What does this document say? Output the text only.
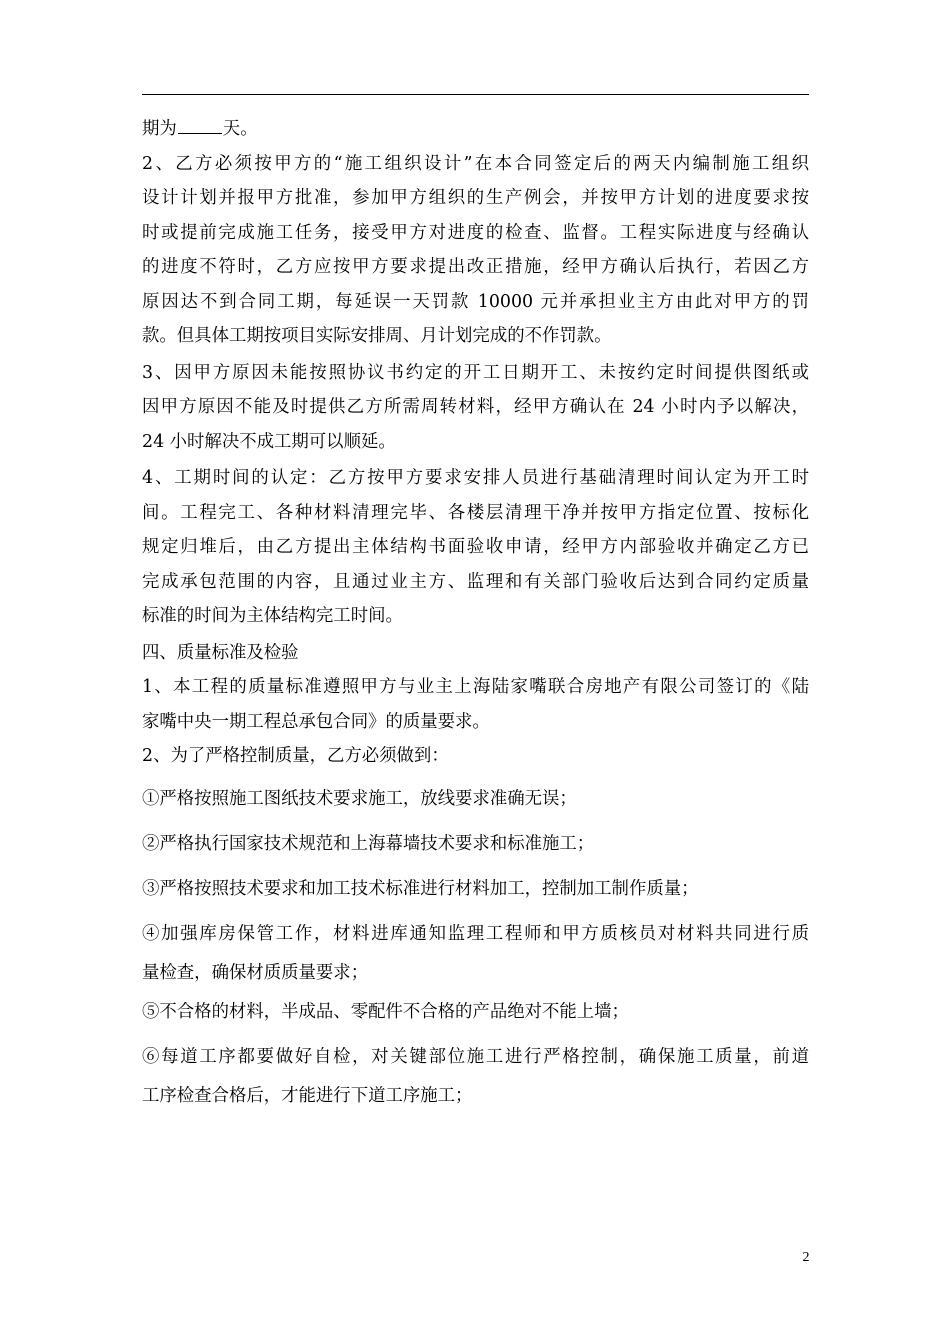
期为	天。
2、乙方必须按甲方的“施工组织设计”在本合同签定后的两天内编制施工组织
设计计划并报甲方批准，参加甲方组织的生产例会，并按甲方计划的进度要求按
时或提前完成施工任务，接受甲方对进度的检查、监督。工程实际进度与经确认
的进度不符时，乙方应按甲方要求提出改正措施，经甲方确认后执行，若因乙方
原因达不到合同工期，每延误一天罚款 10000 元并承担业主方由此对甲方的罚
款。但具体工期按项目实际安排周、月计划完成的不作罚款。
3、因甲方原因未能按照协议书约定的开工日期开工、未按约定时间提供图纸或
因甲方原因不能及时提供乙方所需周转材料，经甲方确认在 24 小时内予以解决，
24 小时解决不成工期可以顺延。
4、工期时间的认定：乙方按甲方要求安排人员进行基础清理时间认定为开工时
间。工程完工、各种材料清理完毕、各楼层清理干净并按甲方指定位置、按标化
规定归堆后，由乙方提出主体结构书面验收申请，经甲方内部验收并确定乙方已
完成承包范围的内容，且通过业主方、监理和有关部门验收后达到合同约定质量
标准的时间为主体结构完工时间。
四、质量标准及检验
1、本工程的质量标准遵照甲方与业主上海陆家嘴联合房地产有限公司签订的《陆
家嘴中央一期工程总承包合同》的质量要求。
2、为了严格控制质量，乙方必须做到：
①严格按照施工图纸技术要求施工，放线要求准确无误；
②严格执行国家技术规范和上海幕墙技术要求和标准施工；
③严格按照技术要求和加工技术标准进行材料加工，控制加工制作质量；
④加强库房保管工作，材料进库通知监理工程师和甲方质核员对材料共同进行质
量检查，确保材质质量要求；
⑤不合格的材料，半成品、零配件不合格的产品绝对不能上墙；
⑥每道工序都要做好自检，对关键部位施工进行严格控制，确保施工质量，前道
工序检查合格后，才能进行下道工序施工；
2
